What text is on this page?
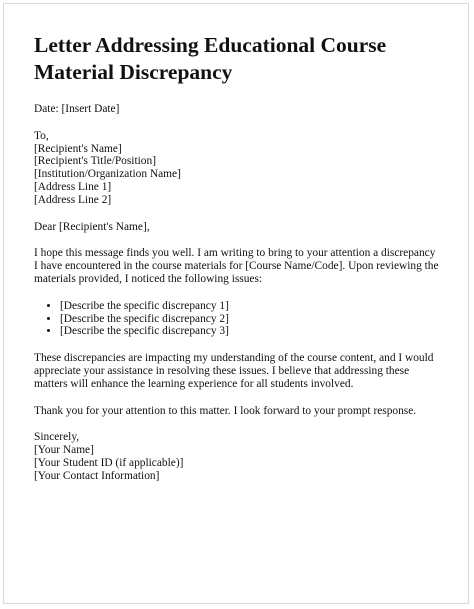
Letter Addressing Educational Course Material Discrepancy

Date: [Insert Date]

To,

[Recipient's Name]

[Recipient's Title/Position]

[Institution/Organization Name]

[Address Line 1]

[Address Line 2]

Dear [Recipient's Name],

I hope this message finds you well. I am writing to bring to your attention a discrepancy I have encountered in the course materials for [Course Name/Code]. Upon reviewing the materials provided, I noticed the following issues:

• [Describe the specific discrepancy 1]
• [Describe the specific discrepancy 2]
• [Describe the specific discrepancy 3]

These discrepancies are impacting my understanding of the course content, and I would appreciate your assistance in resolving these issues. I believe that addressing these matters will enhance the learning experience for all students involved.

Thank you for your attention to this matter. I look forward to your prompt response.

Sincerely,

[Your Name]

[Your Student ID (if applicable)]

[Your Contact Information]
